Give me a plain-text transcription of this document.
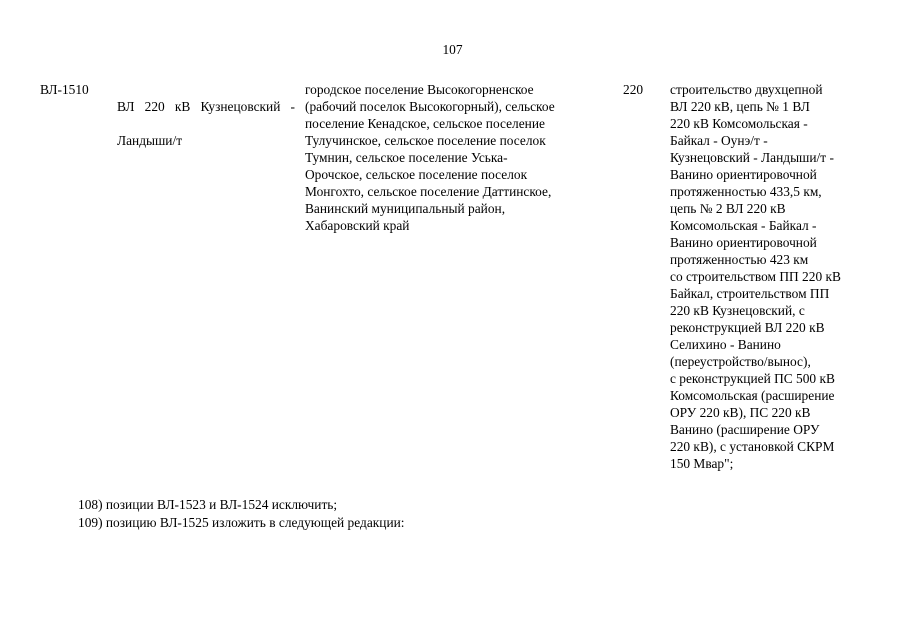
107
ВЛ-1510

ВЛ 220 кВ Кузнецовский -

Ландыши/т

городское поселение Высокогорненское
(рабочий поселок Высокогорный), сельское
поселение Кенадское, сельское поселение
Тулучинское, сельское поселение поселок
Тумнин, сельское поселение Уська-
Орочское, сельское поселение поселок
Монгохто, сельское поселение Даттинское,
Ванинский муниципальный район,
Хабаровский край
220 строительство двухцепной
ВЛ 220 кВ, цепь № 1 ВЛ
220 кВ Комсомольская -
Байкал - Оунэ/т -
Кузнецовский - Ландыши/т -
Ванино ориентировочной
протяженностью 433,5 км,
цепь № 2 ВЛ 220 кВ
Комсомольская - Байкал -
Ванино ориентировочной
протяженностью 423 км
со строительством ПП 220 кВ
Байкал, строительством ПП
220 кВ Кузнецовский, с
реконструкцией ВЛ 220 кВ
Селихино - Ванино
(переустройство/вынос),
с реконструкцией ПС 500 кВ
Комсомольская (расширение
ОРУ 220 кВ), ПС 220 кВ
Ванино (расширение ОРУ
220 кВ), с установкой СКРМ
150 Мвар";
108) позиции ВЛ-1523 и ВЛ-1524 исключить;
109) позицию ВЛ-1525 изложить в следующей редакции:
